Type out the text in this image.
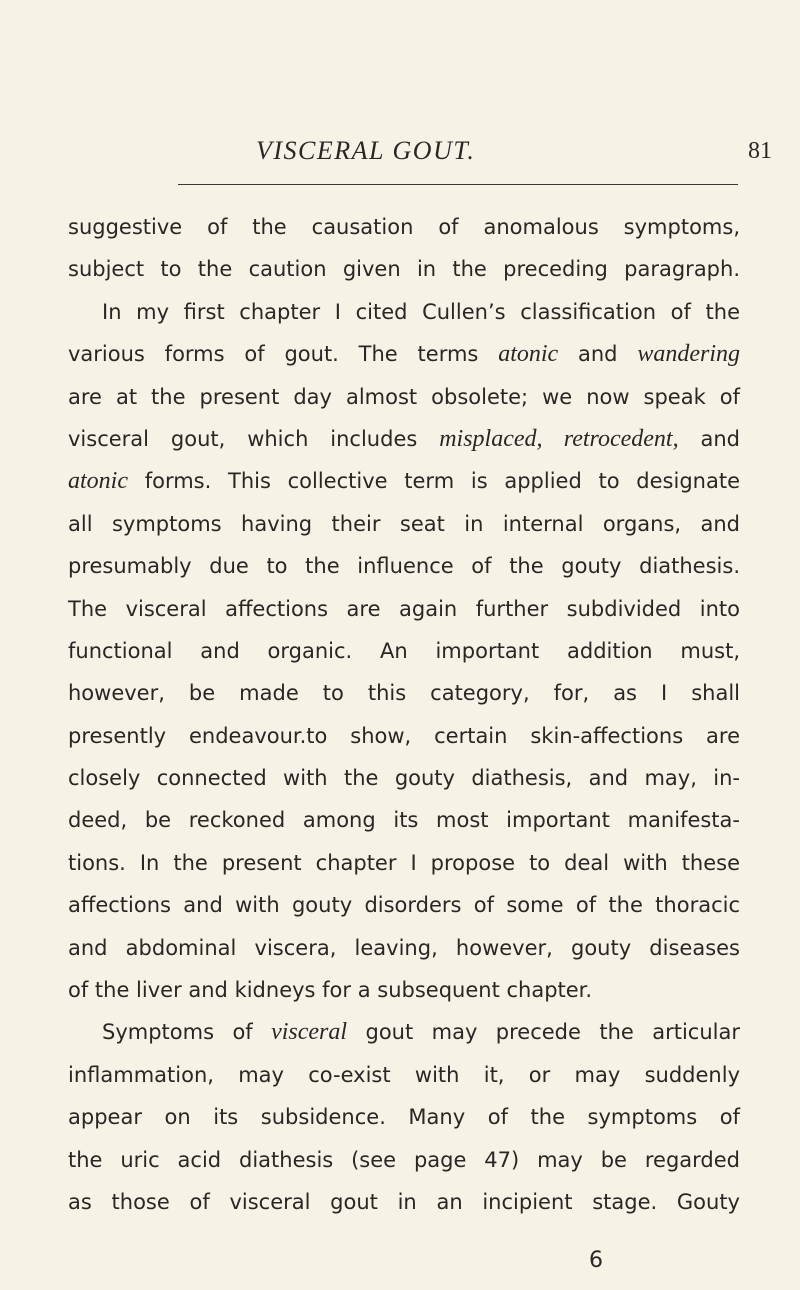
VISCERAL GOUT.	81
suggestive of the causation of anomalous symptoms,
subject to the caution given in the preceding paragraph.
In my first chapter I cited Cullen’s classification of the
various forms of gout. The terms atonic and wandering
are at the present day almost obsolete; we now speak of
visceral gout, which includes misplaced, retrocedent, and
atonic forms. This collective term is applied to designate
all symptoms having their seat in internal organs, and
presumably due to the influence of the gouty diathesis.
The visceral affections are again further subdivided into
functional and organic. An important addition must,
however, be made to this category, for, as I shall
presently endeavour.to show, certain skin-affections are
closely connected with the gouty diathesis, and may, in-
deed, be reckoned among its most important manifesta-
tions. In the present chapter I propose to deal with these
affections and with gouty disorders of some of the thoracic
and abdominal viscera, leaving, however, gouty diseases
of the liver and kidneys for a subsequent chapter.
Symptoms of visceral gout may precede the articular
inflammation, may co-exist with it, or may suddenly
appear on its subsidence. Many of the symptoms of
the uric acid diathesis (see page 47) may be regarded
as those of visceral gout in an incipient stage. Gouty
6
